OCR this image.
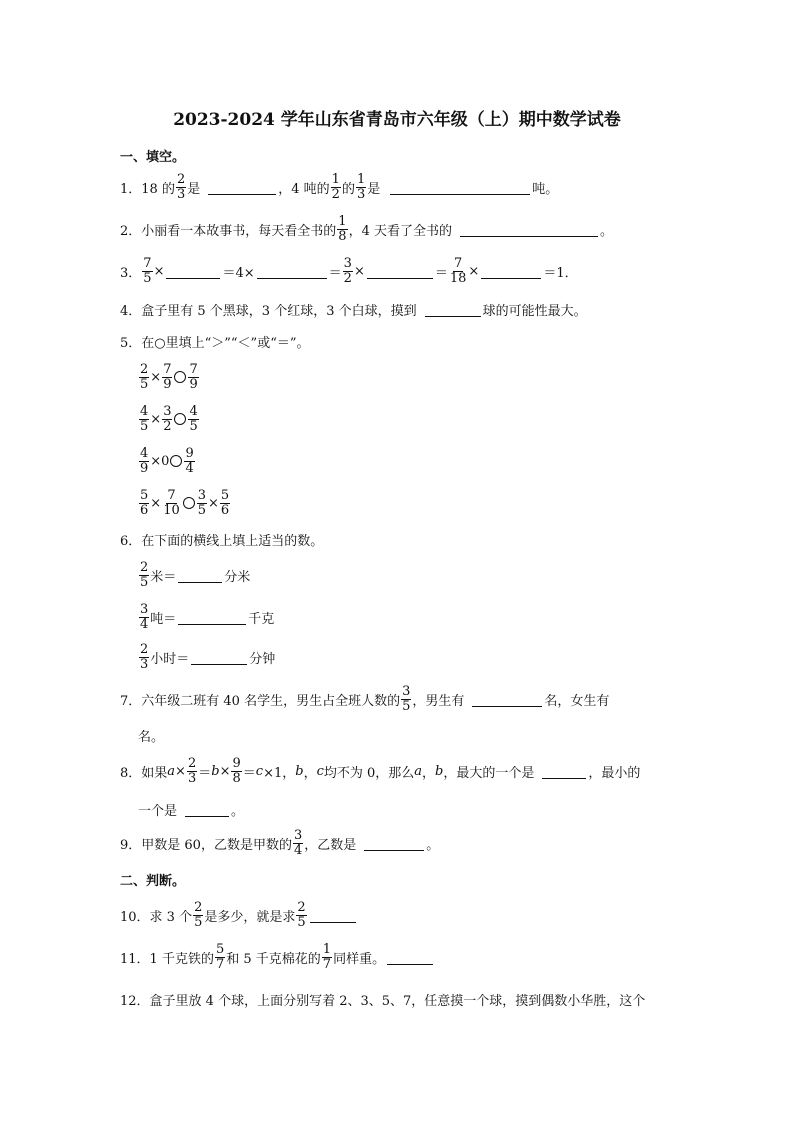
2023-2024 学年山东省青岛市六年级（上）期中数学试卷
一、填空。
1．18 的 $\frac{2}{3}$ 是	，4 吨的 $\frac{1}{2}$ 的 $\frac{1}{3}$ 是	吨。
2．小丽看一本故事书，每天看全书的 $\frac{1}{8}$ ，4 天看了全书的	。
3． $\frac{7}{5}$ ×	＝4×	＝ $\frac{3}{2}$ ×	＝ $\frac{7}{18}$ ×	＝1．
4．盒子里有 5 个黑球，3 个红球，3 个白球，摸到	球的可能性最大。
5．在○里填上“＞”“＜”或“＝”。
$\frac{2}{5} \times \frac{7}{9} \frac{7}{9}$
$\frac{4}{5} \times \frac{3}{2} \frac{4}{5}$
$\frac{4}{9} \times 0 \frac{9}{4}$
$\frac{5}{6} \times \frac{7}{10} \frac{3}{5} \times \frac{5}{6}$
6．在下面的横线上填上适当的数。
$\frac{2}{5}$ 米＝	分米
$\frac{3}{4}$ 吨＝	千克
$\frac{2}{3}$ 小时＝	分钟
7．六年级二班有 40 名学生，男生占全班人数的 $\frac{3}{5}$ ，男生有	名，女生有
名。
8．如果 $a \times \frac{2}{3} = b \times \frac{9}{8} = c \times 1$， b ， c 均不为 0，那么 a ， b ，最大的一个是	，最小的
一个是	。
9．甲数是 60，乙数是甲数的 $\frac{3}{4}$ ，乙数是	。
二、判断。
10．求 3 个 $\frac{2}{5}$ 是多少，就是求 $\frac{2}{5}$
11．1 千克铁的 $\frac{5}{7}$ 和 5 千克棉花的 $\frac{1}{7}$ 同样重。
12．盒子里放 4 个球，上面分别写着 2、3、5、7，任意摸一个球，摸到偶数小华胜，这个
